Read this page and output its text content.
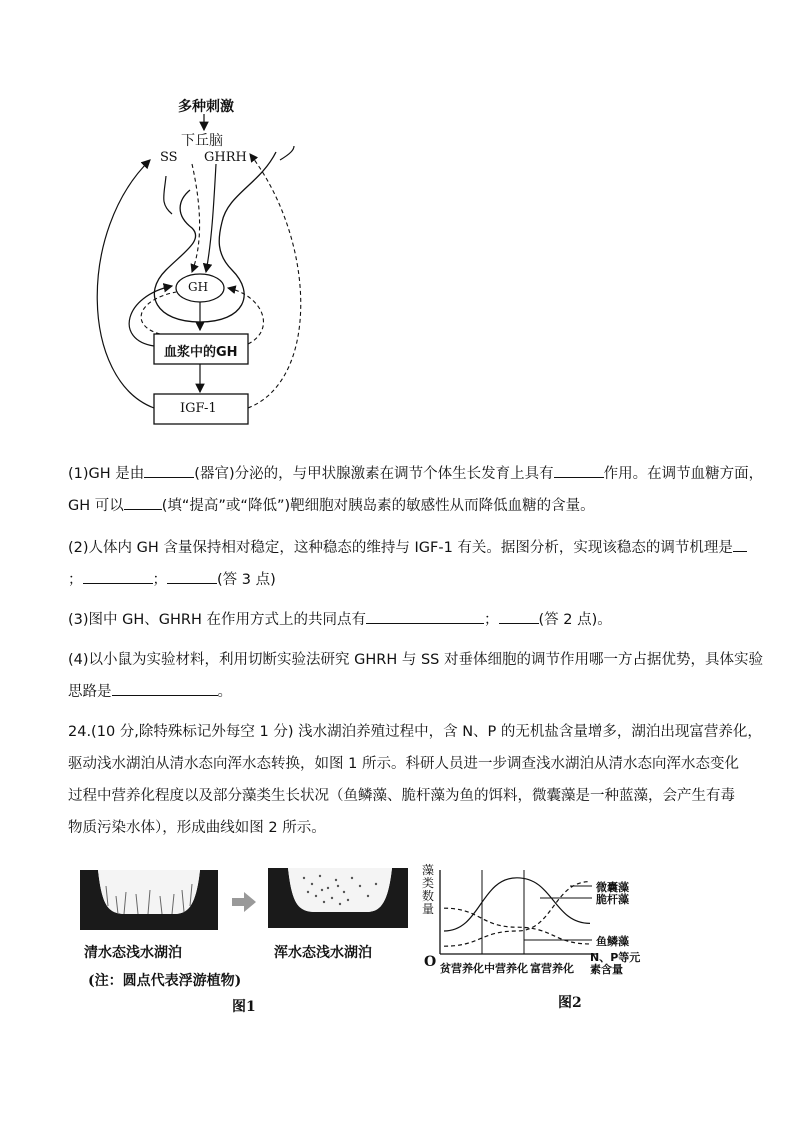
多种刺激
下丘脑
SS GHRH
GH
血浆中的GH
IGF-1
(1)GH 是由	(器官)分泌的，与甲状腺激素在调节个体生长发育上具有	作用。在调节血糖方面，
GH 可以	(填“提高”或“降低”)靶细胞对胰岛素的敏感性从而降低血糖的含量。
(2)人体内 GH 含量保持相对稳定，这种稳态的维持与 IGF-1 有关。据图分析，实现该稳态的调节机理是
；	；	(答 3 点)
(3)图中 GH、GHRH 在作用方式上的共同点有	；	(答 2 点)。
(4)以小鼠为实验材料，利用切断实验法研究 GHRH 与 SS 对垂体细胞的调节作用哪一方占据优势，具体实验
思路是	。
24.(10 分,除特殊标记外每空 1 分) 浅水湖泊养殖过程中，含 N、P 的无机盐含量增多，湖泊出现富营养化，
驱动浅水湖泊从清水态向浑水态转换，如图 1 所示。科研人员进一步调查浅水湖泊从清水态向浑水态变化
过程中营养化程度以及部分藻类生长状况（鱼鳞藻、脆杆藻为鱼的饵料，微囊藻是一种蓝藻，会产生有毒
物质污染水体），形成曲线如图 2 所示。
清水态浅水湖泊	浑水态浅水湖泊
(注：圆点代表浮游植物)
图1
藻
类
数
量
O 贫营养化 中营养化 富营养化
N、P等元
素含量
微囊藻
脆杆藻
鱼鳞藻
图2
